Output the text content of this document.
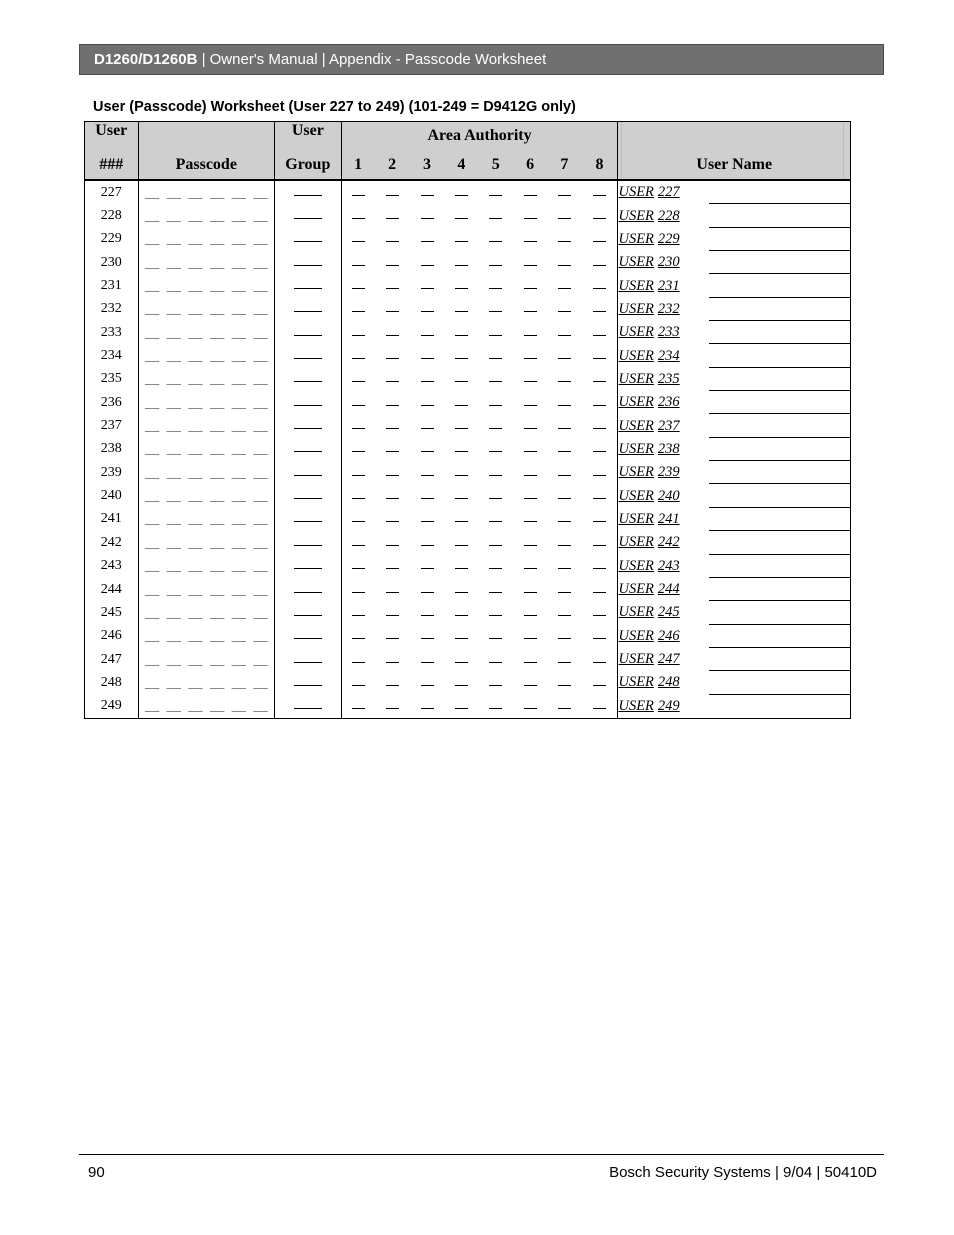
D1260/D1260B | Owner's Manual | Appendix - Passcode Worksheet
User (Passcode) Worksheet (User 227 to 249) (101-249 = D9412G only)
User		User	Area Authority									
###	Passcode	Group	1	2	3	4	5	6	7	8	User Name	
227	__ __ __ __ __ __										USER 227	

228	__ __ __ __ __ __										USER 228	

229	__ __ __ __ __ __										USER 229	

230	__ __ __ __ __ __										USER 230	

231	__ __ __ __ __ __										USER 231	

232	__ __ __ __ __ __										USER 232	

233	__ __ __ __ __ __										USER 233	

234	__ __ __ __ __ __										USER 234	

235	__ __ __ __ __ __										USER 235	

236	__ __ __ __ __ __										USER 236	

237	__ __ __ __ __ __										USER 237	

238	__ __ __ __ __ __										USER 238	

239	__ __ __ __ __ __										USER 239	

240	__ __ __ __ __ __										USER 240	

241	__ __ __ __ __ __										USER 241	

242	__ __ __ __ __ __										USER 242	

243	__ __ __ __ __ __										USER 243	

244	__ __ __ __ __ __										USER 244	

245	__ __ __ __ __ __										USER 245	

246	__ __ __ __ __ __										USER 246	

247	__ __ __ __ __ __										USER 247	

248	__ __ __ __ __ __										USER 248	

249	__ __ __ __ __ __										USER 249	
90	Bosch Security Systems | 9/04 | 50410D
